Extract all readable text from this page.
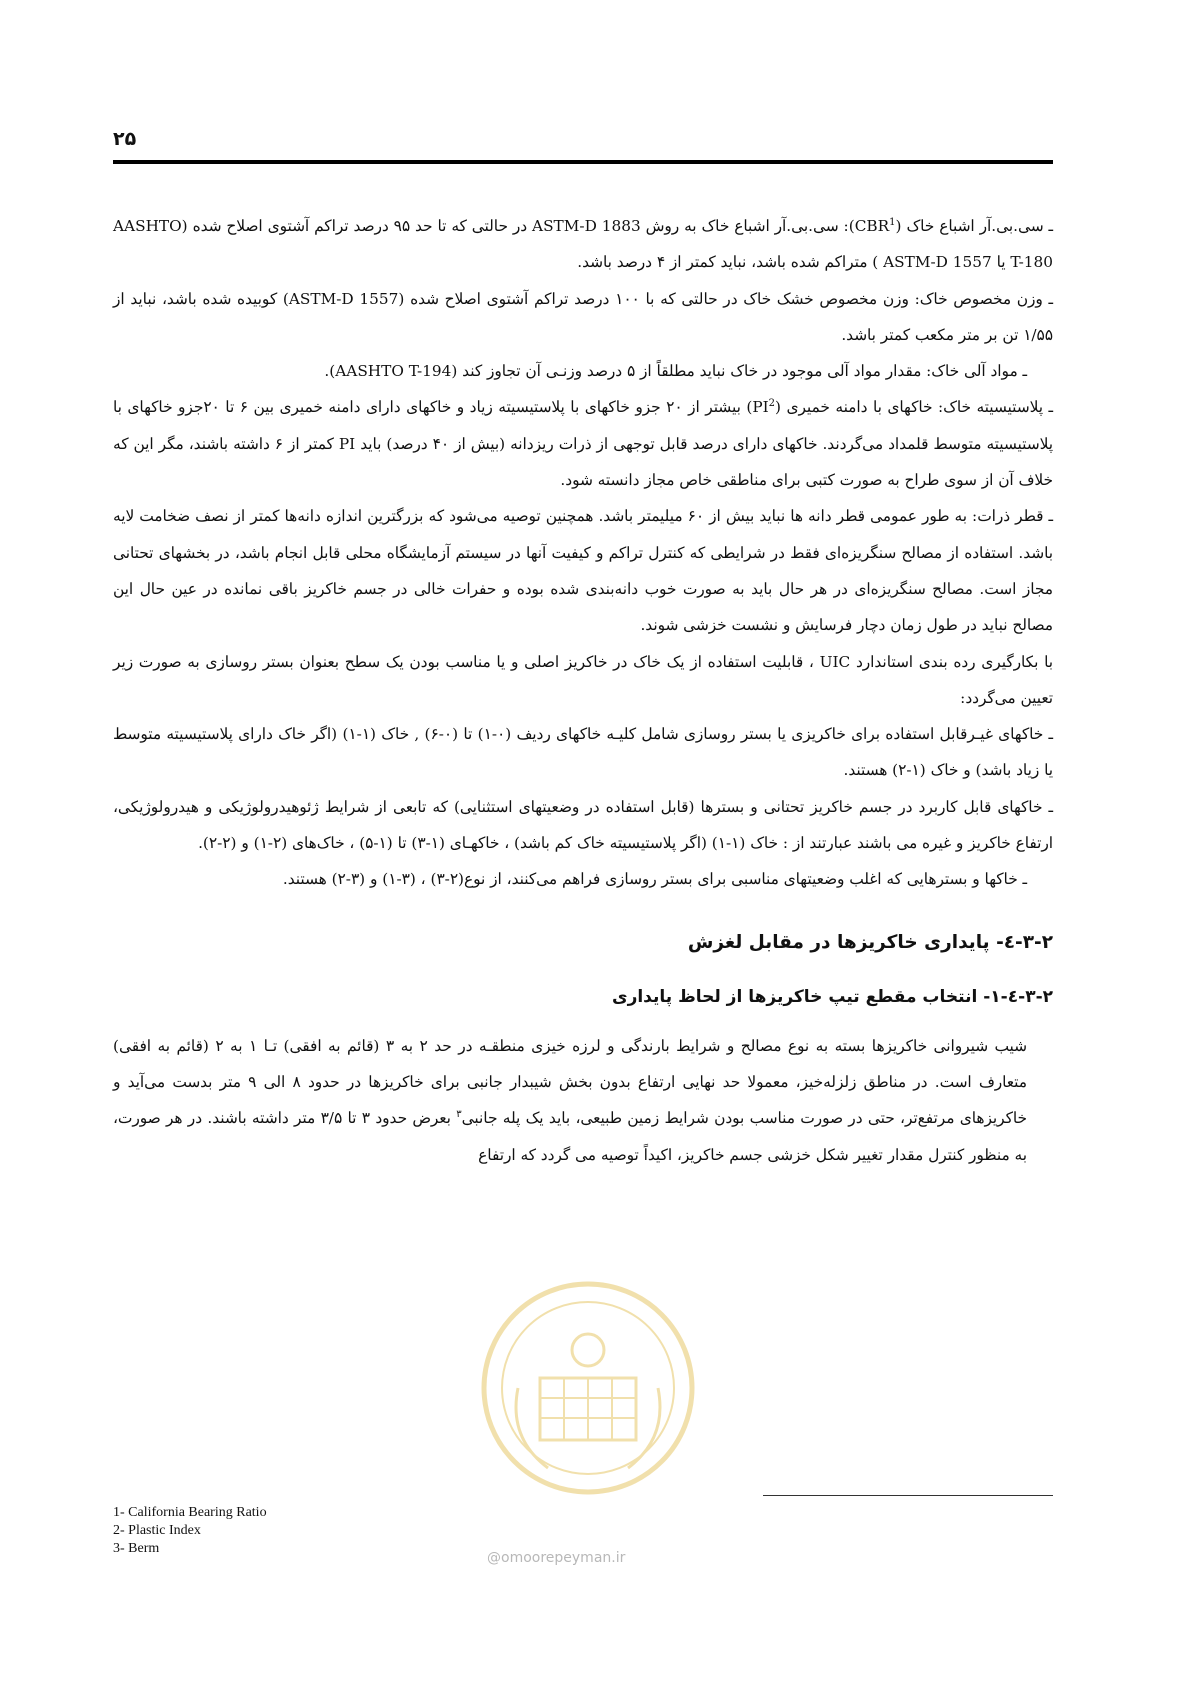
۲۵

ـ سی.بی.آر اشباع خاک (CBR$^1$): سی.بی.آر اشباع خاک به روش ASTM-D 1883 در حالتی که تا حد ۹۵ درصد تراکم آشتوی اصلاح شده (AASHTO T-180 یا ASTM-D 1557 ) متراکم شده باشد، نباید کمتر از ۴ درصد باشد.

ـ وزن مخصوص خاک: وزن مخصوص خشک خاک در حالتی که با ۱۰۰ درصد تراکم آشتوی اصلاح شده (ASTM-D 1557) کوبیده شده باشد، نباید از ۱/۵۵ تن بر متر مکعب کمتر باشد.

ـ مواد آلی خاک: مقدار مواد آلی موجود در خاک نباید مطلقاً از ۵ درصد وزنـی آن تجاوز کند (AASHTO T-194).

ـ پلاستیسیته خاک: خاکهای با دامنه خمیری $(PI^2)$ بیشتر از ۲۰ جزو خاکهای با پلاستیسیته زیاد و خاکهای دارای دامنه خمیری بین ۶ تا ۲۰جزو خاکهای با پلاستیسیته متوسط قلمداد می‌گردند. خاکهای دارای درصد قابل توجهی از ذرات ریزدانه (بیش از ۴۰ درصد) باید PI کمتر از ۶ داشته باشند، مگر این که خلاف آن از سوی طراح به صورت کتبی برای مناطقی خاص مجاز دانسته شود.

ـ قطر ذرات: به طور عمومی قطر دانه ها نباید بیش از ۶۰ میلیمتر باشد. همچنین توصیه می‌شود که بزرگترین اندازه دانه‌ها کمتر از نصف ضخامت لایه باشد. استفاده از مصالح سنگریزه‌ای فقط در شرایطی که کنترل تراکم و کیفیت آنها در سیستم آزمایشگاه محلی قابل انجام باشد، در بخشهای تحتانی مجاز است. مصالح سنگریزه‌ای در هر حال باید به صورت خوب دانه‌بندی شده بوده و حفرات خالی در جسم خاکریز باقی نمانده در عین حال این مصالح نباید در طول زمان دچار فرسایش و نشست خزشی شوند.

با بکارگیری رده بندی استاندارد UIC ، قابلیت استفاده از یک خاک در خاکریز اصلی و یا مناسب بودن یک سطح بعنوان بستر روسازی به صورت زیر تعیین می‌گردد:

ـ خاکهای غیـرقابل استفاده برای خاکریزی یا بستر روسازی شامل کلیـه خاکهای ردیف (۰-۱) تا (۰-۶) , خاک (۱-۱) (اگر خاک دارای پلاستیسیته متوسط یا زیاد باشد) و خاک (۱-۲) هستند.

ـ خاکهای قابل کاربرد در جسم خاکریز تحتانی و بسترها (قابل استفاده در وضعیتهای استثنایی) که تابعی از شرایط ژئوهیدرولوژیکی و هیدرولوژیکی، ارتفاع خاکریز و غیره می باشند عبارتند از : خاک (۱-۱) (اگر پلاستیسیته خاک کم باشد) ، خاکهـای (۱-۳) تا (۱-۵) ، خاک‌های (۲-۱) و (۲-۲).

ـ خاکها و بسترهایی که اغلب وضعیتهای مناسبی برای بستر روسازی فراهم می‌کنند، از نوع(۲-۳) ، (۳-۱) و (۳-۲) هستند.

۳-۲-٤- پایداری خاکریزها در مقابل لغزش
۳-۲-٤-۱- انتخاب مقطع تیپ خاکریزها از لحاظ پایداری

شیب شیروانی خاکریزها بسته به نوع مصالح و شرایط بارندگی و لرزه خیزی منطقـه در حد ۲ به ۳ (قائم به افقی) تـا ۱ به ۲ (قائم به افقی) متعارف است. در مناطق زلزله‌خیز، معمولا حد نهایی ارتفاع بدون بخش شیبدار جانبی برای خاکریزها در حدود ۸ الی ۹ متر بدست می‌آید و خاکریزهای مرتفع‌تر، حتی در صورت مناسب بودن شرایط زمین طبیعی، باید یک پله جانبی$^۳$ بعرض حدود ۳ تا ۳/۵ متر داشته باشند. در هر صورت، به منظور کنترل مقدار تغییر شکل خزشی جسم خاکریز، اکیداً توصیه می گردد که ارتفاع

1- California Bearing Ratio
2- Plastic Index
3- Berm
@omoorepeyman.ir
